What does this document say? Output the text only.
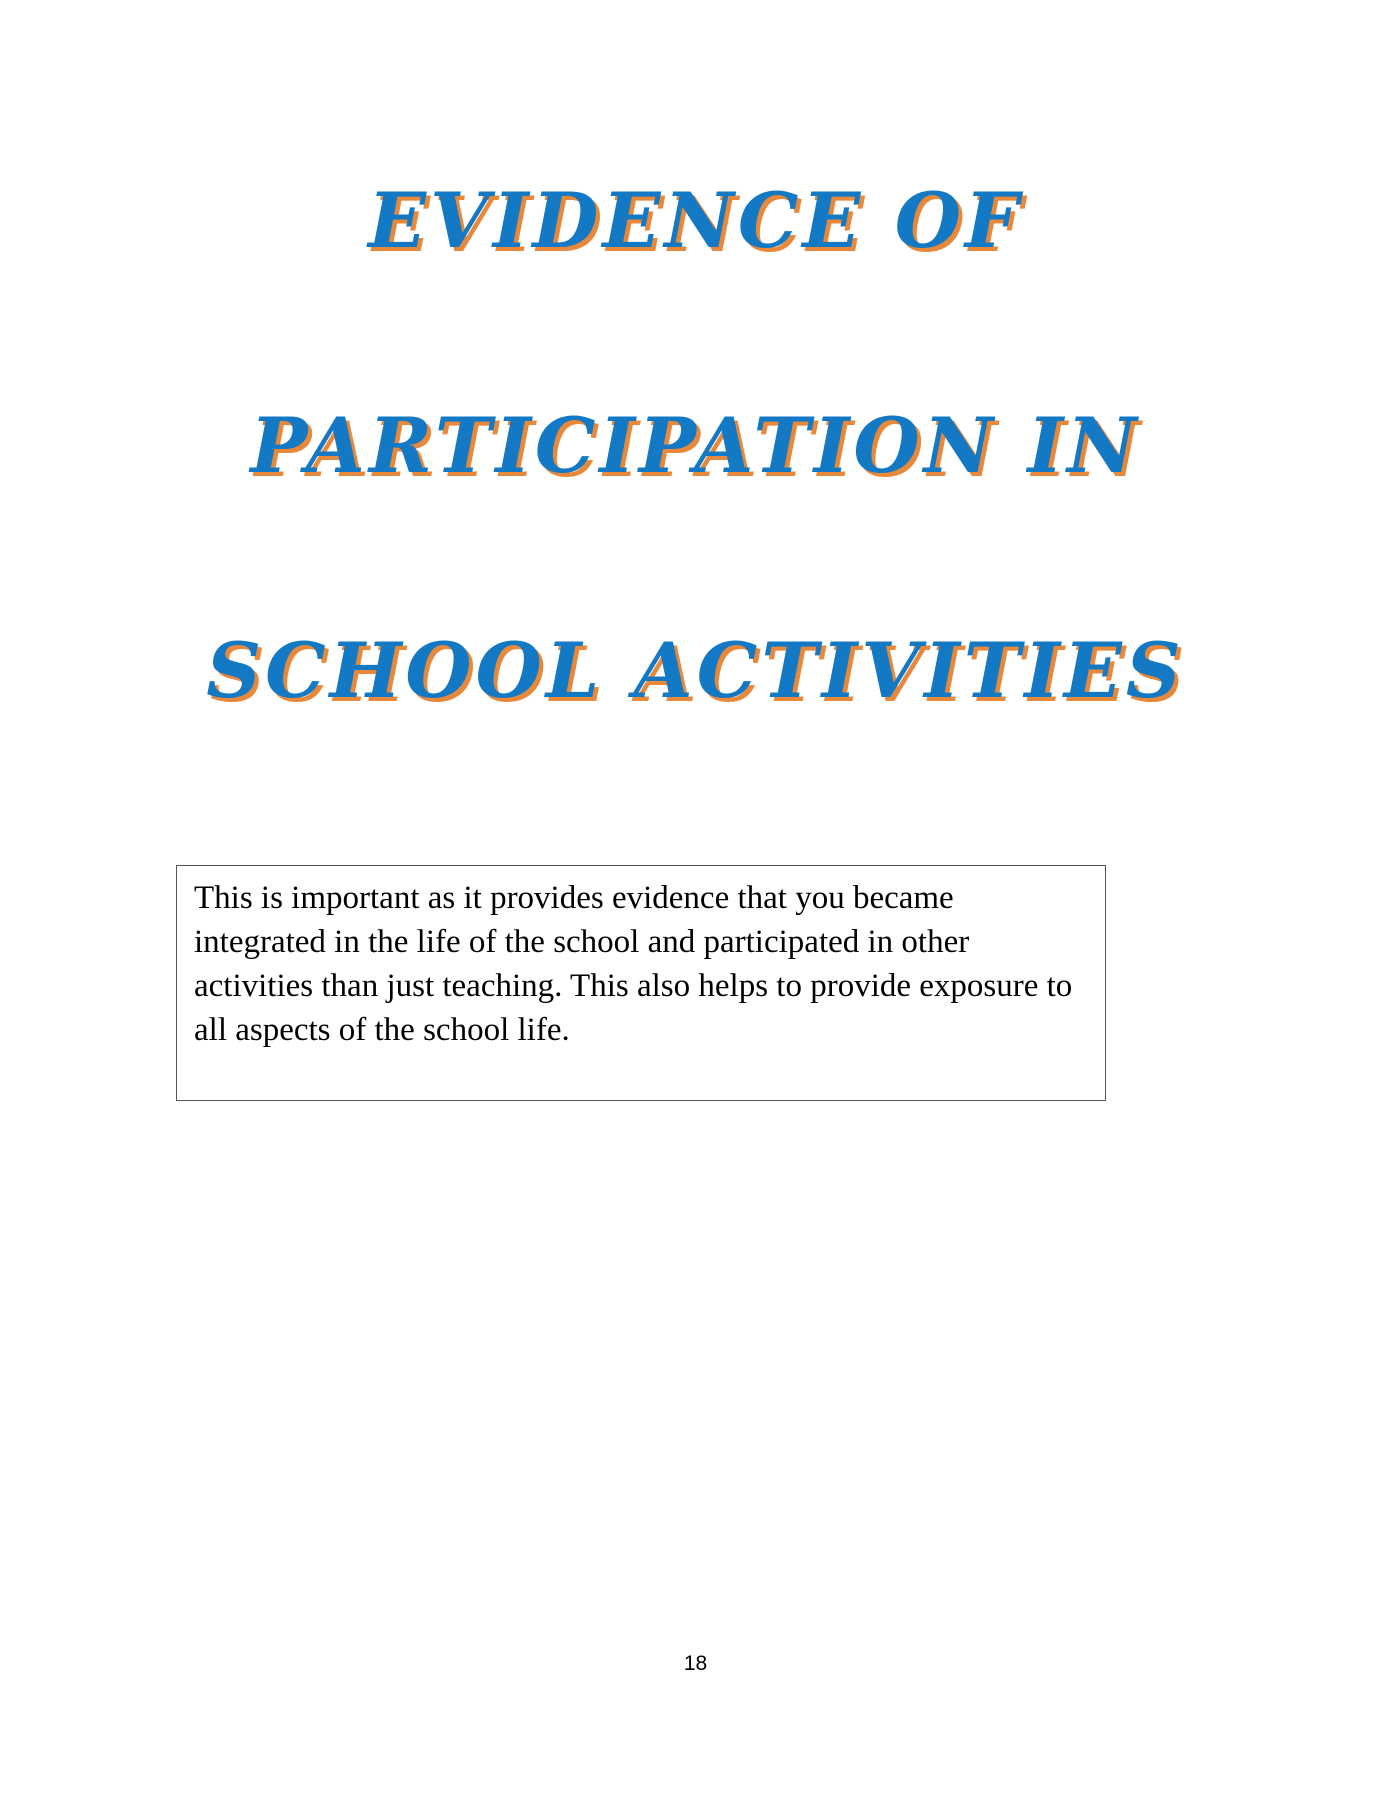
EVIDENCE OF
PARTICIPATION IN
SCHOOL ACTIVITIES

This is important as it provides evidence that you became integrated in the life of the school and participated in other activities than just teaching. This also helps to provide exposure to all aspects of the school life.

18
